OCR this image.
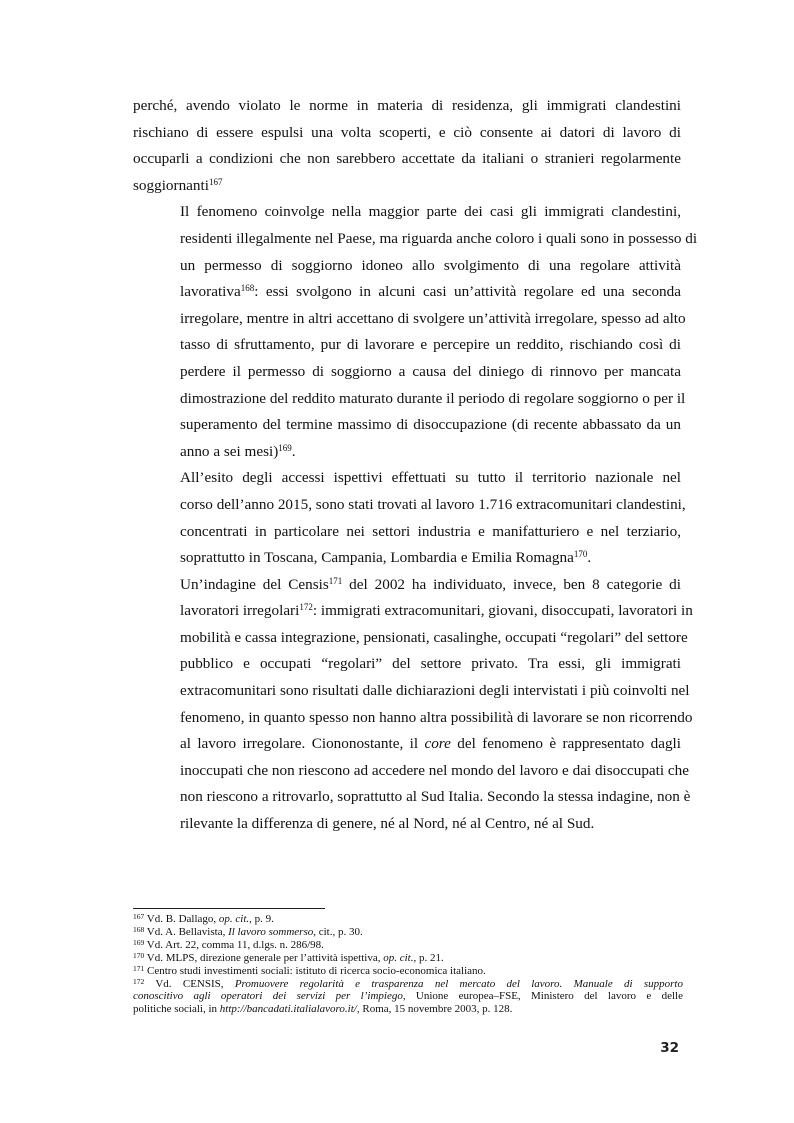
perché, avendo violato le norme in materia di residenza, gli immigrati clandestini
rischiano di essere espulsi una volta scoperti, e ciò consente ai datori di lavoro di
occuparli a condizioni che non sarebbero accettate da italiani o stranieri regolarmente
soggiornanti$^{167}$

Il fenomeno coinvolge nella maggior parte dei casi gli immigrati clandestini,
residenti illegalmente nel Paese, ma riguarda anche coloro i quali sono in possesso di
un permesso di soggiorno idoneo allo svolgimento di una regolare attività
lavorativa$^{168}$: essi svolgono in alcuni casi un’attività regolare ed una seconda
irregolare, mentre in altri accettano di svolgere un’attività irregolare, spesso ad alto
tasso di sfruttamento, pur di lavorare e percepire un reddito, rischiando così di
perdere il permesso di soggiorno a causa del diniego di rinnovo per mancata
dimostrazione del reddito maturato durante il periodo di regolare soggiorno o per il
superamento del termine massimo di disoccupazione (di recente abbassato da un
anno a sei mesi)$^{169}$.

All’esito degli accessi ispettivi effettuati su tutto il territorio nazionale nel
corso dell’anno 2015, sono stati trovati al lavoro 1.716 extracomunitari clandestini,
concentrati in particolare nei settori industria e manifatturiero e nel terziario,
soprattutto in Toscana, Campania, Lombardia e Emilia Romagna$^{170}$.

Un’indagine del Censis$^{171}$ del 2002 ha individuato, invece, ben 8 categorie di
lavoratori irregolari$^{172}$: immigrati extracomunitari, giovani, disoccupati, lavoratori in
mobilità e cassa integrazione, pensionati, casalinghe, occupati “regolari” del settore
pubblico e occupati “regolari” del settore privato. Tra essi, gli immigrati
extracomunitari sono risultati dalle dichiarazioni degli intervistati i più coinvolti nel
fenomeno, in quanto spesso non hanno altra possibilità di lavorare se non ricorrendo
al lavoro irregolare. Ciononostante, il core del fenomeno è rappresentato dagli
inoccupati che non riescono ad accedere nel mondo del lavoro e dai disoccupati che
non riescono a ritrovarlo, soprattutto al Sud Italia. Secondo la stessa indagine, non è
rilevante la differenza di genere, né al Nord, né al Centro, né al Sud.

$^{167}$ Vd. B. Dallago, op. cit., p. 9.

$^{168}$ Vd. A. Bellavista, Il lavoro sommerso, cit., p. 30.

$^{169}$ Vd. Art. 22, comma 11, d.lgs. n. 286/98.

$^{170}$ Vd. MLPS, direzione generale per l’attività ispettiva, op. cit., p. 21.

$^{171}$ Centro studi investimenti sociali: istituto di ricerca socio-economica italiano.

$^{172}$ Vd. CENSIS, Promuovere regolarità e trasparenza nel mercato del lavoro. Manuale di supporto
conoscitivo agli operatori dei servizi per l’impiego, Unione europea–FSE, Ministero del lavoro e delle
politiche sociali, in http://bancadati.italialavoro.it/, Roma, 15 novembre 2003, p. 128.

32
